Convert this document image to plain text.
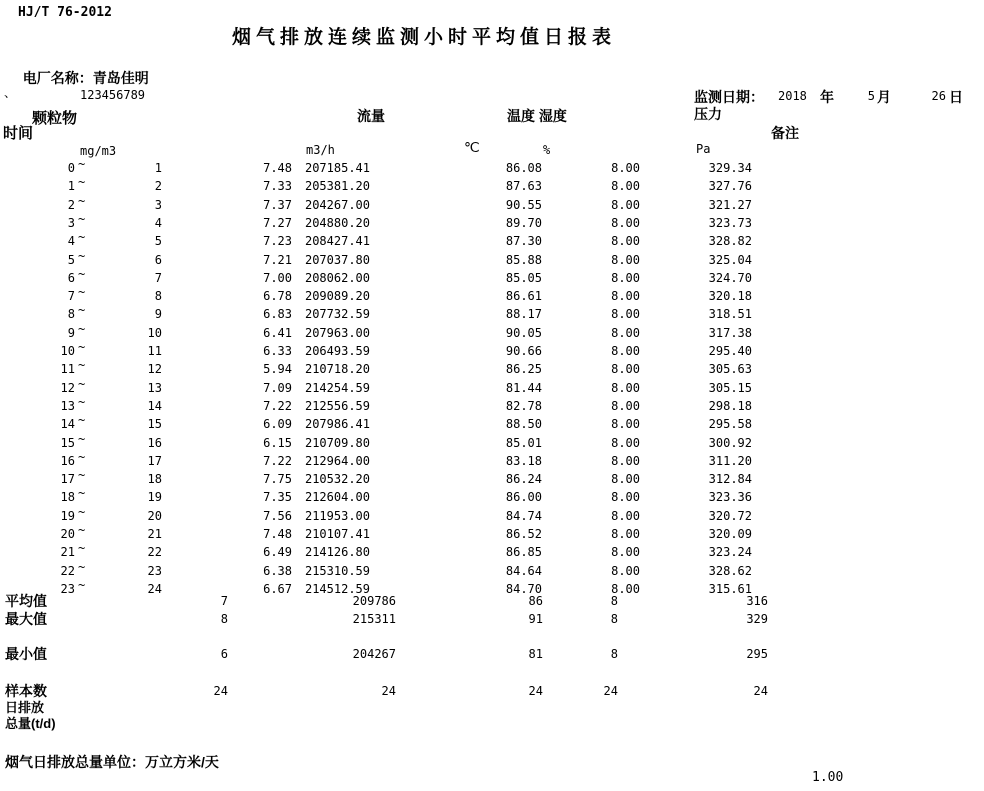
HJ/T 76-2012
烟气排放连续监测小时平均值日报表

电厂名称：青岛佳明

、	123456789	监测日期： 2018 年	5 月	26 日
颗粒物	流量	温度 湿度	压力
时间	备注
mg/m3	m3/h	℃	%	Pa
0 ~	1	7.48	207185.41	86.08	8.00	329.34
1 ~	2	7.33	205381.20	87.63	8.00	327.76
2 ~	3	7.37	204267.00	90.55	8.00	321.27
3 ~	4	7.27	204880.20	89.70	8.00	323.73
4 ~	5	7.23	208427.41	87.30	8.00	328.82
5 ~	6	7.21	207037.80	85.88	8.00	325.04
6 ~	7	7.00	208062.00	85.05	8.00	324.70
7 ~	8	6.78	209089.20	86.61	8.00	320.18
8 ~	9	6.83	207732.59	88.17	8.00	318.51
9 ~	10	6.41	207963.00	90.05	8.00	317.38
10 ~	11	6.33	206493.59	90.66	8.00	295.40
11 ~	12	5.94	210718.20	86.25	8.00	305.63
12 ~	13	7.09	214254.59	81.44	8.00	305.15
13 ~	14	7.22	212556.59	82.78	8.00	298.18
14 ~	15	6.09	207986.41	88.50	8.00	295.58
15 ~	16	6.15	210709.80	85.01	8.00	300.92
16 ~	17	7.22	212964.00	83.18	8.00	311.20
17 ~	18	7.75	210532.20	86.24	8.00	312.84
18 ~	19	7.35	212604.00	86.00	8.00	323.36
19 ~	20	7.56	211953.00	84.74	8.00	320.72
20 ~	21	7.48	210107.41	86.52	8.00	320.09
21 ~	22	6.49	214126.80	86.85	8.00	323.24
22 ~	23	6.38	215310.59	84.64	8.00	328.62
23 ~	24	6.67	214512.59	84.70	8.00	315.61
平均值	7	209786	86	8	316
最大值	8	215311	91	8	329
最小值	6	204267	81	8	295
样本数	24	24	24	24	24
日排放
总量(t/d)
烟气日排放总量单位：万立方米/天
1.00
